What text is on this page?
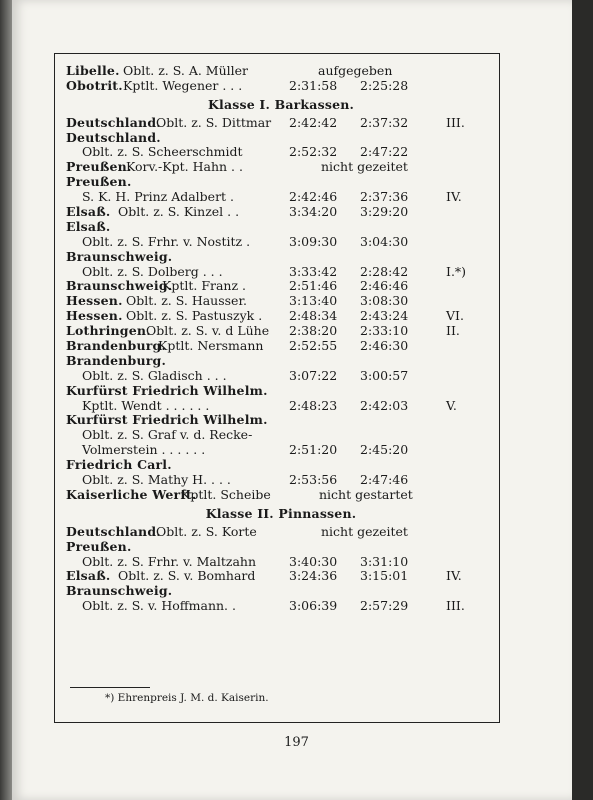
Libelle. Oblt. z. S. A. Müller	aufgegeben
Obotrit. Kptlt. Wegener . . .	2:31:58 2:25:28
Klasse I. Barkassen.
Deutschland.
Oblt. z. S. Dittmar 2:42:42 2:37:32	III.
Deutschland.
Oblt. z. S. Scheerschmidt	2:52:32 2:47:22
Preußen.
Korv.-Kpt. Hahn . .	nicht gezeitet
Preußen.
S. K. H. Prinz Adalbert .	2:42:46 2:37:36	IV.
Elsaß. Oblt. z. S. Kinzel . .	3:34:20 3:29:20
Elsaß.
Oblt. z. S. Frhr. v. Nostitz .	3:09:30 3:04:30
Braunschweig.
Oblt. z. S. Dolberg . . .	3:33:42 2:28:42	I.*)
Braunschweig.
Kptlt. Franz .	2:51:46 2:46:46
Hessen. Oblt. z. S. Hausser.	3:13:40 3:08:30
Hessen. Oblt. z. S. Pastuszyk . 2:48:34 2:43:24	VI.
Lothringen.
Oblt. z. S. v. d Lühe 2:38:20 2:33:10	II.
Brandenburg.
Kptlt. Nersmann 2:52:55 2:46:30
Brandenburg.
Oblt. z. S. Gladisch . . .	3:07:22 3:00:57
Kurfürst Friedrich Wilhelm.
Kptlt. Wendt . . . . . .	2:48:23 2:42:03	V.
Kurfürst Friedrich Wilhelm.
Oblt. z. S. Graf v. d. Recke-
Volmerstein . . . . . .	2:51:20 2:45:20
Friedrich Carl.
Oblt. z. S. Mathy H. . . .	2:53:56 2:47:46
Kaiserliche Werft.
Kptlt. Scheibe	nicht gestartet
Klasse II. Pinnassen.
Deutschland.
Oblt. z. S. Korte	nicht gezeitet
Preußen.
Oblt. z. S. Frhr. v. Maltzahn	3:40:30 3:31:10
Elsaß. Oblt. z. S. v. Bomhard	3:24:36 3:15:01	IV.
Braunschweig.
Oblt. z. S. v. Hoffmann. .	3:06:39 2:57:29	III.
*) Ehrenpreis J. M. d. Kaiserin.
197
